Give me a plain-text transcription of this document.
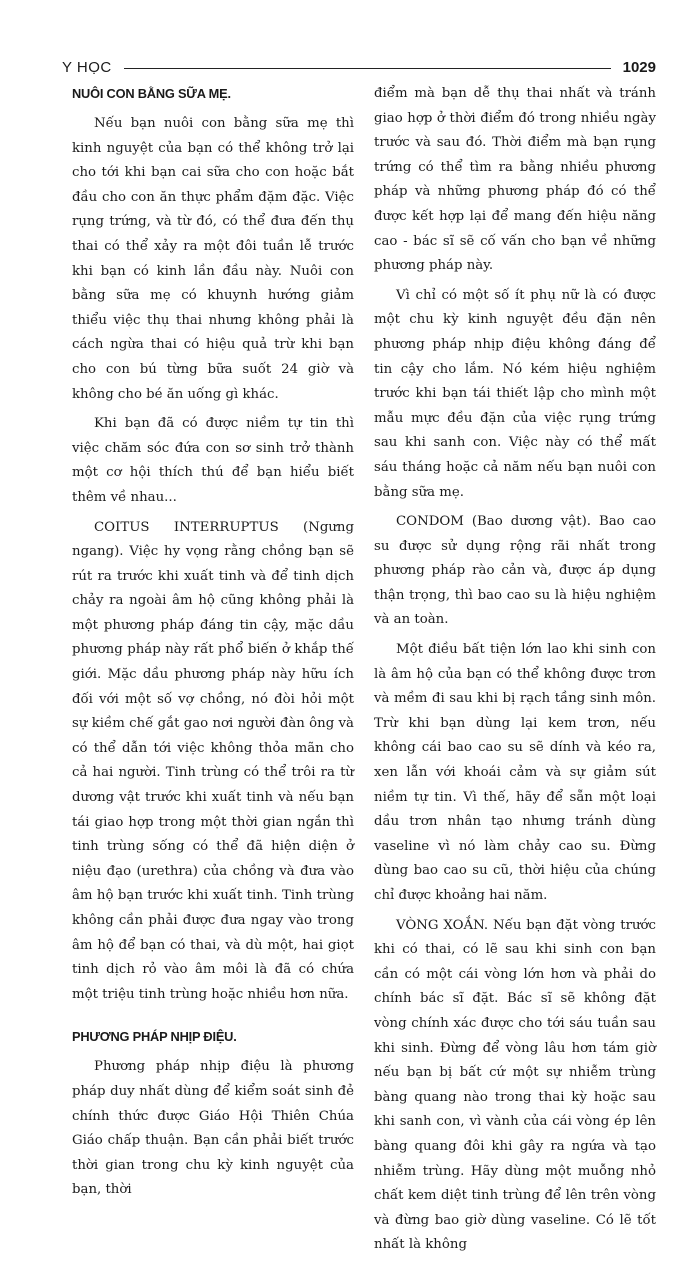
Y HỌC	1029
NUÔI CON BẰNG SỮA MẸ.

Nếu bạn nuôi con bằng sữa mẹ thì kinh nguyệt của bạn có thể không trở lại cho tới khi bạn cai sữa cho con hoặc bắt đầu cho con ăn thực phẩm đặm đặc. Việc rụng trứng, và từ đó, có thể đưa đến thụ thai có thể xảy ra một đôi tuần lễ trước khi bạn có kinh lần đầu này. Nuôi con bằng sữa mẹ có khuynh hướng giảm thiểu việc thụ thai nhưng không phải là cách ngừa thai có hiệu quả trừ khi bạn cho con bú từng bữa suốt 24 giờ và không cho bé ăn uống gì khác.

Khi bạn đã có được niềm tự tin thì việc chăm sóc đứa con sơ sinh trở thành một cơ hội thích thú để bạn hiểu biết thêm về nhau...

COITUS INTERRUPTUS (Ngưng ngang). Việc hy vọng rằng chồng bạn sẽ rút ra trước khi xuất tinh và để tinh dịch chảy ra ngoài âm hộ cũng không phải là một phương pháp đáng tin cậy, mặc dầu phương pháp này rất phổ biến ở khắp thế giới. Mặc dầu phương pháp này hữu ích đối với một số vợ chồng, nó đòi hỏi một sự kiềm chế gắt gao nơi người đàn ông và có thể dẫn tới việc không thỏa mãn cho cả hai người. Tinh trùng có thể trôi ra từ dương vật trước khi xuất tinh và nếu bạn tái giao hợp trong một thời gian ngắn thì tinh trùng sống có thể đã hiện diện ở niệu đạo (urethra) của chồng và đưa vào âm hộ bạn trước khi xuất tinh. Tinh trùng không cần phải được đưa ngay vào trong âm hộ để bạn có thai, và dù một, hai giọt tinh dịch rỏ vào âm môi là đã có chứa một triệu tinh trùng hoặc nhiều hơn nữa.

PHƯƠNG PHÁP NHỊP ĐIỆU.

Phương pháp nhịp điệu là phương pháp duy nhất dùng để kiểm soát sinh đẻ chính thức được Giáo Hội Thiên Chúa Giáo chấp thuận. Bạn cần phải biết trước thời gian trong chu kỳ kinh nguyệt của bạn, thời

điểm mà bạn dễ thụ thai nhất và tránh giao hợp ở thời điểm đó trong nhiều ngày trước và sau đó. Thời điểm mà bạn rụng trứng có thể tìm ra bằng nhiều phương pháp và những phương pháp đó có thể được kết hợp lại để mang đến hiệu năng cao - bác sĩ sẽ cố vấn cho bạn về những phương pháp này.

Vì chỉ có một số ít phụ nữ là có được một chu kỳ kinh nguyệt đều đặn nên phương pháp nhịp điệu không đáng để tin cậy cho lắm. Nó kém hiệu nghiệm trước khi bạn tái thiết lập cho mình một mẫu mực đều đặn của việc rụng trứng sau khi sanh con. Việc này có thể mất sáu tháng hoặc cả năm nếu bạn nuôi con bằng sữa mẹ.

CONDOM (Bao dương vật). Bao cao su được sử dụng rộng rãi nhất trong phương pháp rào cản và, được áp dụng thận trọng, thì bao cao su là hiệu nghiệm và an toàn.

Một điều bất tiện lớn lao khi sinh con là âm hộ của bạn có thể không được trơn và mềm đi sau khi bị rạch tầng sinh môn. Trừ khi bạn dùng lại kem trơn, nếu không cái bao cao su sẽ dính và kéo ra, xen lẫn với khoái cảm và sự giảm sút niềm tự tin. Vì thế, hãy để sẵn một loại dầu trơn nhân tạo nhưng tránh dùng vaseline vì nó làm chảy cao su. Đừng dùng bao cao su cũ, thời hiệu của chúng chỉ được khoảng hai năm.

VÒNG XOẮN. Nếu bạn đặt vòng trước khi có thai, có lẽ sau khi sinh con bạn cần có một cái vòng lớn hơn và phải do chính bác sĩ đặt. Bác sĩ sẽ không đặt vòng chính xác được cho tới sáu tuần sau khi sinh. Đừng để vòng lâu hơn tám giờ nếu bạn bị bất cứ một sự nhiễm trùng bàng quang nào trong thai kỳ hoặc sau khi sanh con, vì vành của cái vòng ép lên bàng quang đôi khi gây ra ngứa và tạo nhiễm trùng. Hãy dùng một muỗng nhỏ chất kem diệt tinh trùng để lên trên vòng và đừng bao giờ dùng vaseline. Có lẽ tốt nhất là không
